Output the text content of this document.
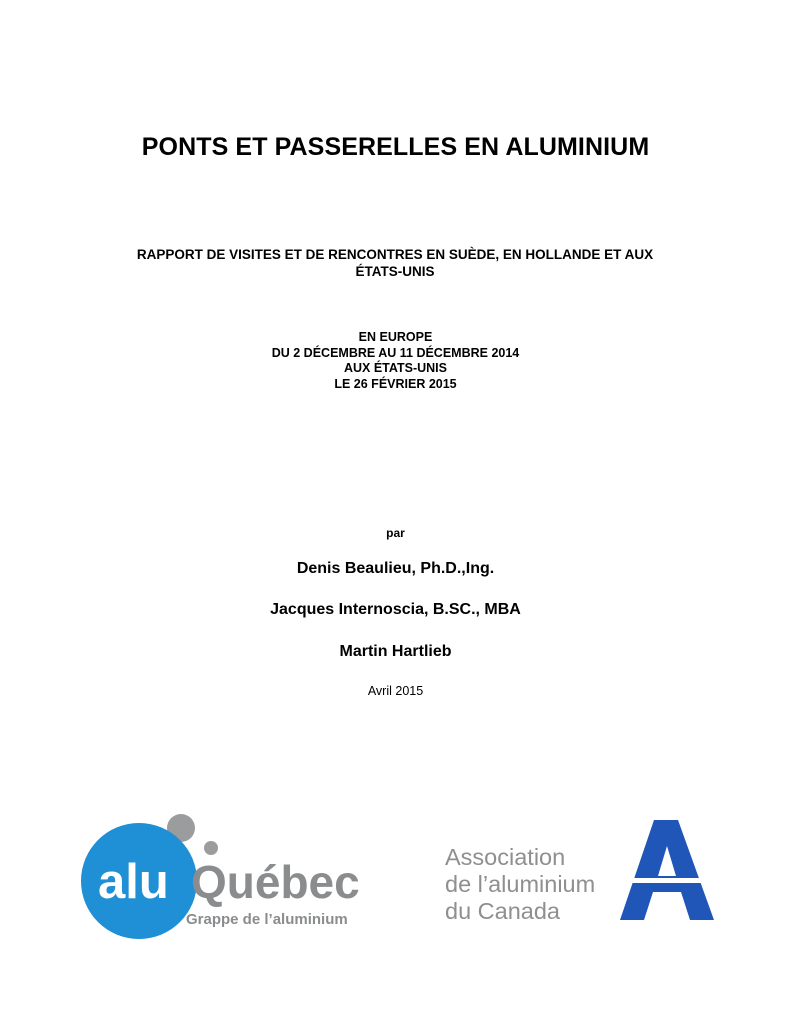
PONTS ET PASSERELLES EN ALUMINIUM
RAPPORT DE VISITES ET DE RENCONTRES EN SUÈDE, EN HOLLANDE ET AUX
ÉTATS-UNIS
EN EUROPE
DU 2 DÉCEMBRE AU 11 DÉCEMBRE 2014
AUX ÉTATS-UNIS
LE 26 FÉVRIER 2015
par
Denis Beaulieu, Ph.D.,Ing.
Jacques Internoscia, B.SC., MBA
Martin Hartlieb
Avril 2015
alu Québec
Grappe de l’aluminium
Association
de l’aluminium
du Canada
